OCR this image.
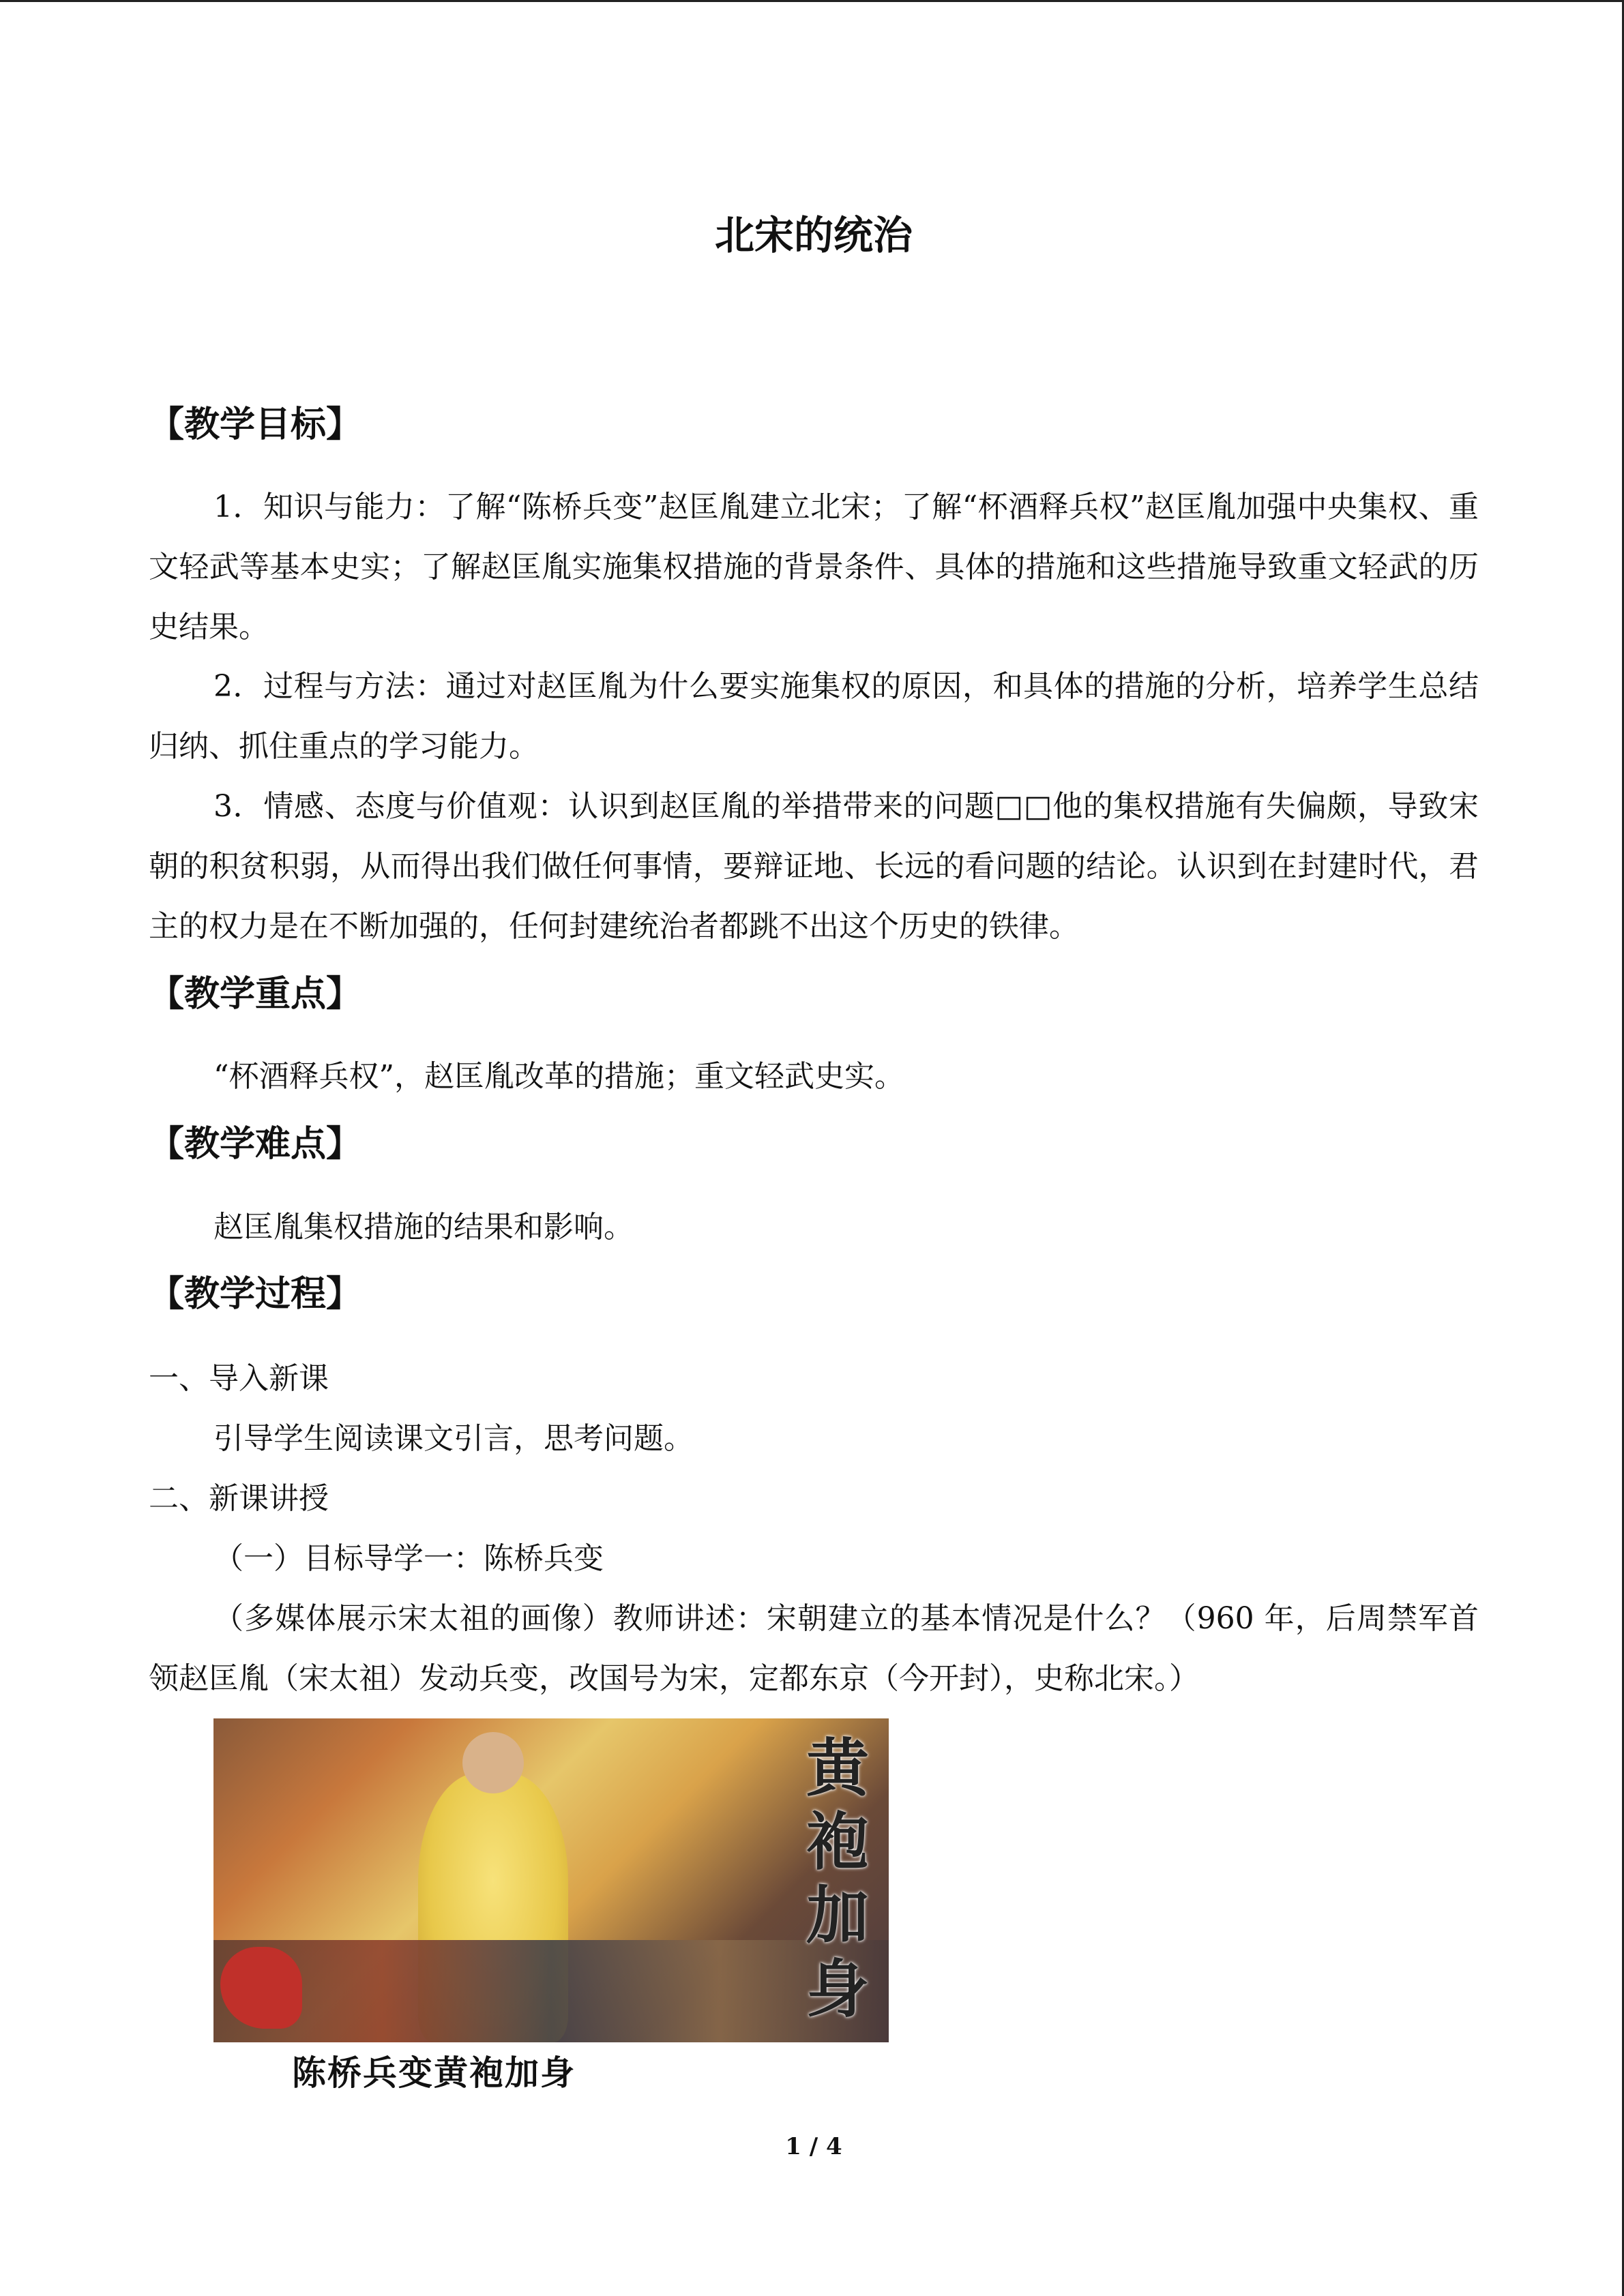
北宋的统治
【教学目标】
1．知识与能力：了解“陈桥兵变”赵匡胤建立北宋；了解“杯酒释兵权”赵匡胤加强中央集权、重文轻武等基本史实；了解赵匡胤实施集权措施的背景条件、具体的措施和这些措施导致重文轻武的历史结果。
2．过程与方法：通过对赵匡胤为什么要实施集权的原因，和具体的措施的分析，培养学生总结归纳、抓住重点的学习能力。
3．情感、态度与价值观：认识到赵匡胤的举措带来的问题□□他的集权措施有失偏颇，导致宋朝的积贫积弱，从而得出我们做任何事情，要辩证地、长远的看问题的结论。认识到在封建时代，君主的权力是在不断加强的，任何封建统治者都跳不出这个历史的铁律。
【教学重点】
“杯酒释兵权”，赵匡胤改革的措施；重文轻武史实。
【教学难点】
赵匡胤集权措施的结果和影响。
【教学过程】
一、导入新课
引导学生阅读课文引言，思考问题。
二、新课讲授
（一）目标导学一：陈桥兵变
（多媒体展示宋太祖的画像）教师讲述：宋朝建立的基本情况是什么？（960 年，后周禁军首领赵匡胤（宋太祖）发动兵变，改国号为宋，定都东京（今开封），史称北宋。）
黄袍加身
陈桥兵变黄袍加身
1 / 4
